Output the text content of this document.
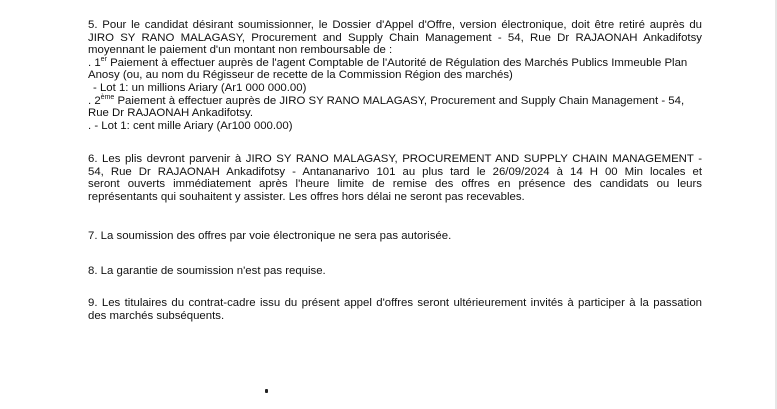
5. Pour le candidat désirant soumissionner, le Dossier d'Appel d'Offre, version électronique, doit être retiré auprès du
JIRO SY RANO MALAGASY, Procurement and Supply Chain Management - 54, Rue Dr RAJAONAH Ankadifotsy
moyennant le paiement d'un montant non remboursable de :
. 1er Paiement à effectuer auprès de l'agent Comptable de l'Autorité de Régulation des Marchés Publics Immeuble Plan
Anosy (ou, au nom du Régisseur de recette de la Commission Région des marchés)
- Lot 1: un millions Ariary (Ar1 000 000.00)
. 2ème Paiement à effectuer auprès de JIRO SY RANO MALAGASY, Procurement and Supply Chain Management - 54,
Rue Dr RAJAONAH Ankadifotsy.
. - Lot 1: cent mille Ariary (Ar100 000.00)
6. Les plis devront parvenir à JIRO SY RANO MALAGASY, PROCUREMENT AND SUPPLY CHAIN MANAGEMENT -
54, Rue Dr RAJAONAH Ankadifotsy - Antananarivo 101 au plus tard le 26/09/2024 à 14 H 00 Min locales et
seront ouverts immédiatement après l'heure limite de remise des offres en présence des candidats ou leurs
représentants qui souhaitent y assister. Les offres hors délai ne seront pas recevables.
7. La soumission des offres par voie électronique ne sera pas autorisée.
8. La garantie de soumission n'est pas requise.
9. Les titulaires du contrat-cadre issu du présent appel d'offres seront ultérieurement invités à participer à la passation
des marchés subséquents.
